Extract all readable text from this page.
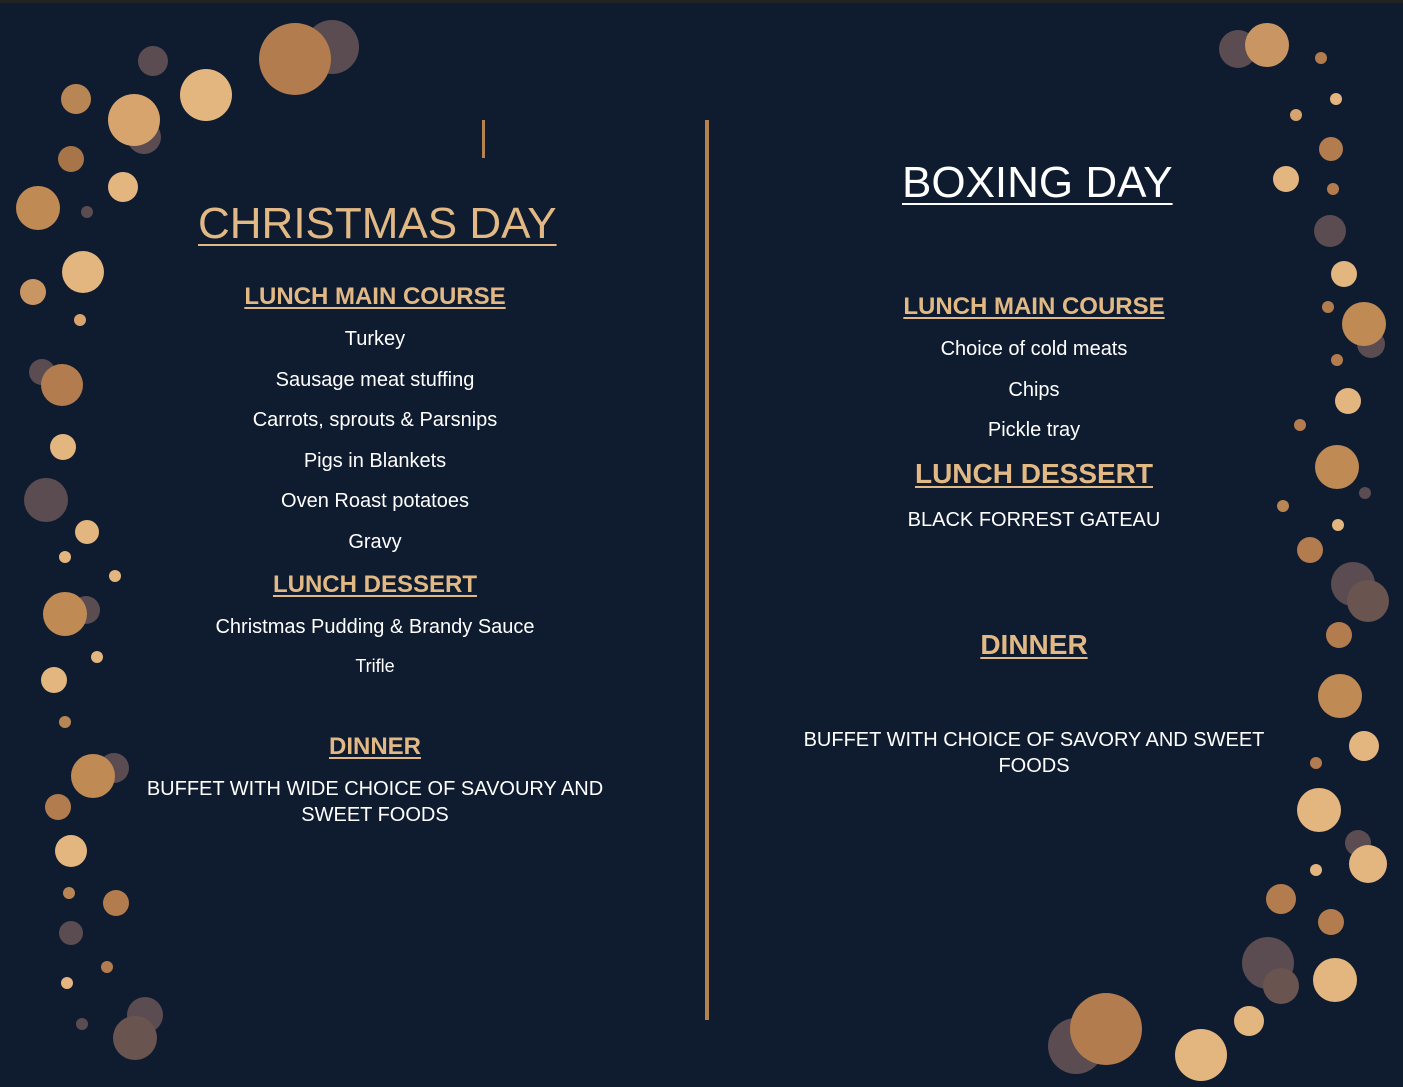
CHRISTMAS DAY
BOXING DAY
LUNCH MAIN COURSE
Turkey
Sausage meat stuffing
Carrots, sprouts & Parsnips
Pigs in Blankets
Oven Roast potatoes
Gravy
LUNCH DESSERT
Christmas Pudding & Brandy Sauce
Trifle
DINNER
BUFFET WITH WIDE CHOICE OF SAVOURY AND SWEET FOODS
LUNCH MAIN COURSE
Choice of cold meats
Chips
Pickle tray
LUNCH DESSERT
BLACK FORREST GATEAU
DINNER
BUFFET WITH CHOICE OF SAVORY AND SWEET FOODS
